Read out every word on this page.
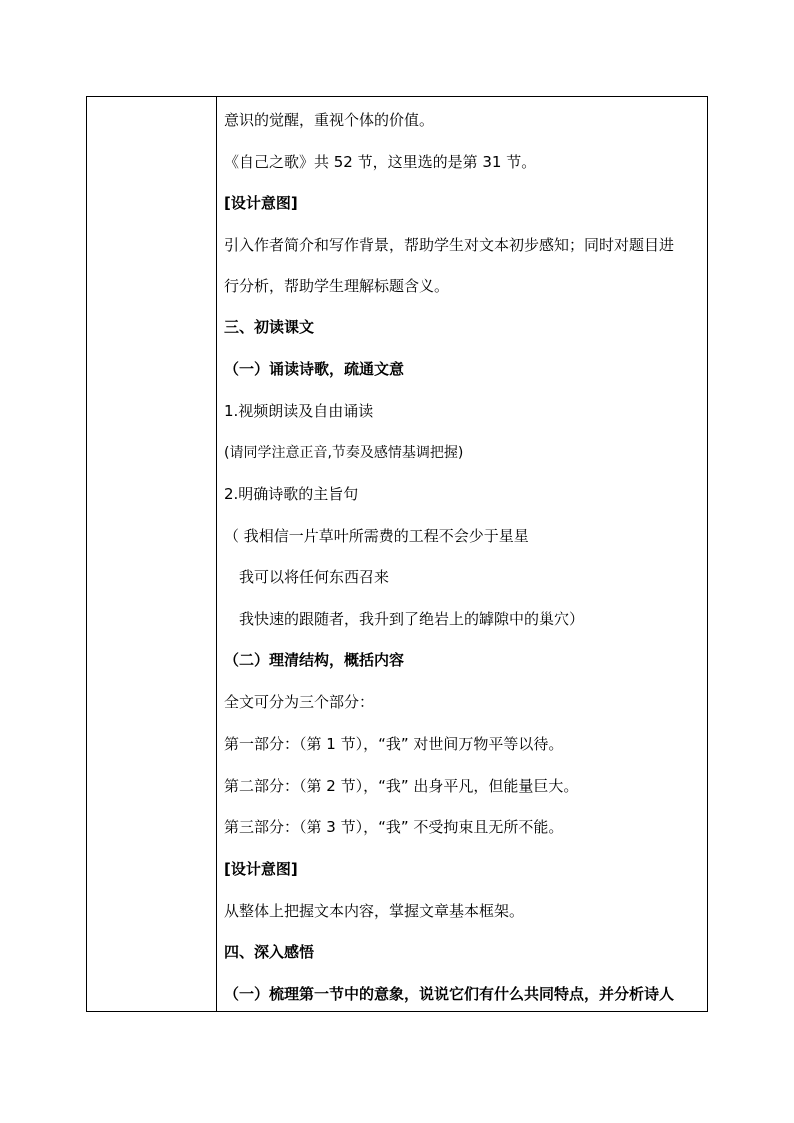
意识的觉醒，重视个体的价值。
《自己之歌》共 52 节，这里选的是第 31 节。
[设计意图]
引入作者简介和写作背景，帮助学生对文本初步感知；同时对题目进
行分析，帮助学生理解标题含义。
三、初读课文
（一）诵读诗歌，疏通文意
1.视频朗读及自由诵读
(请同学注意正音,节奏及感情基调把握)
2.明确诗歌的主旨句
（ 我相信一片草叶所需费的工程不会少于星星
　我可以将任何东西召来
　我快速的跟随者，我升到了绝岩上的罅隙中的巢穴）
（二）理清结构，概括内容
全文可分为三个部分：
第一部分：（第 1 节），“我” 对世间万物平等以待。
第二部分：（第 2 节），“我” 出身平凡，但能量巨大。
第三部分：（第 3 节），“我” 不受拘束且无所不能。
[设计意图]
从整体上把握文本内容，掌握文章基本框架。
四、深入感悟
（一）梳理第一节中的意象，说说它们有什么共同特点，并分析诗人
